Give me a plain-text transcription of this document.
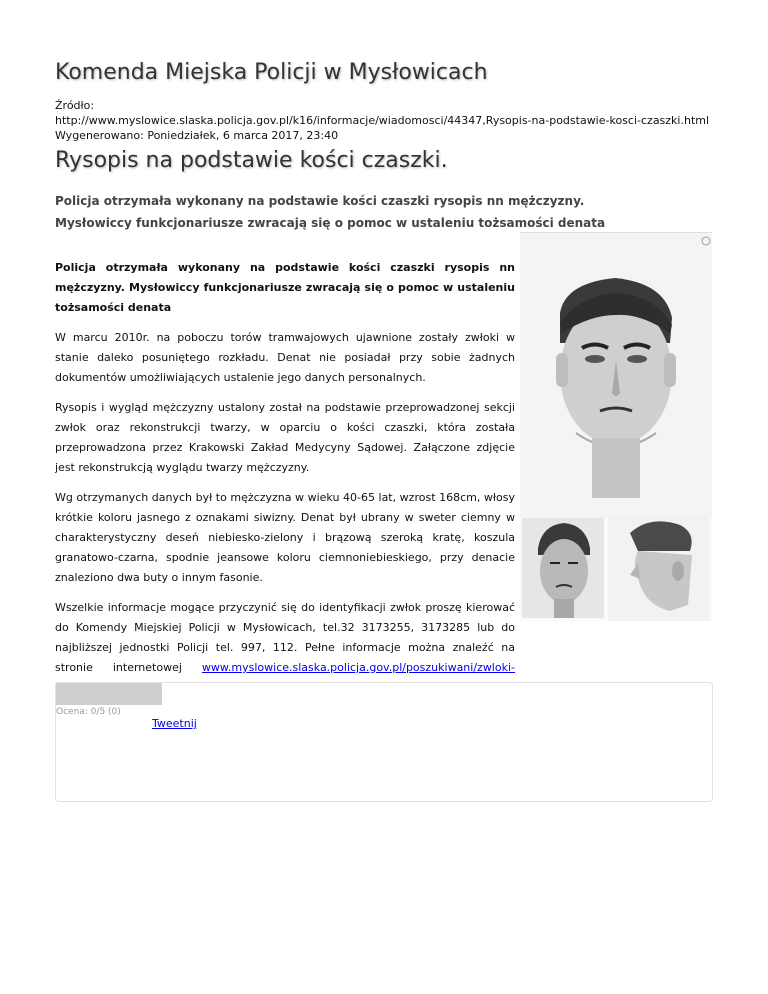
Komenda Miejska Policji w Mysłowicach
Źródło:
http://www.myslowice.slaska.policja.gov.pl/k16/informacje/wiadomosci/44347,Rysopis-na-podstawie-kosci-czaszki.html
Wygenerowano: Poniedziałek, 6 marca 2017, 23:40
Rysopis na podstawie kości czaszki.
Policja otrzymała wykonany na podstawie kości czaszki rysopis nn mężczyzny. Mysłowiccy funkcjonariusze zwracają się o pomoc w ustaleniu tożsamości denata

Policja otrzymała wykonany na podstawie kości czaszki rysopis nn mężczyzny. Mysłowiccy funkcjonariusze zwracają się o pomoc w ustaleniu tożsamości denata

W marcu 2010r. na poboczu torów tramwajowych ujawnione zostały zwłoki w stanie daleko posuniętego rozkładu. Denat nie posiadał przy sobie żadnych dokumentów umożliwiających ustalenie jego danych personalnych.

Rysopis i wygląd mężczyzny ustalony został na podstawie przeprowadzonej sekcji zwłok oraz rekonstrukcji twarzy, w oparciu o kości czaszki, która została przeprowadzona przez Krakowski Zakład Medycyny Sądowej. Załączone zdjęcie jest rekonstrukcją wyglądu twarzy mężczyzny.

Wg otrzymanych danych był to mężczyzna w wieku 40-65 lat, wzrost 168cm, włosy krótkie koloru jasnego z oznakami siwizny. Denat był ubrany w sweter ciemny w charakterystyczny deseń niebiesko-zielony i brązową szeroką kratę, koszula granatowo-czarna, spodnie jeansowe koloru ciemnoniebieskiego, przy denacie znaleziono dwa buty o innym fasonie.

Wszelkie informacje mogące przyczynić się do identyfikacji zwłok proszę kierować do Komendy Miejskiej Policji w Mysłowicach, tel.32 3173255, 3173285 lub do najbliższej jednostki Policji tel. 997, 112. Pełne informacje można znaleźć na stronie internetowej www.myslowice.slaska.policja.gov.pl/poszukiwani/zwloki-

Ocena: 0/5 (0)
Tweetnij
